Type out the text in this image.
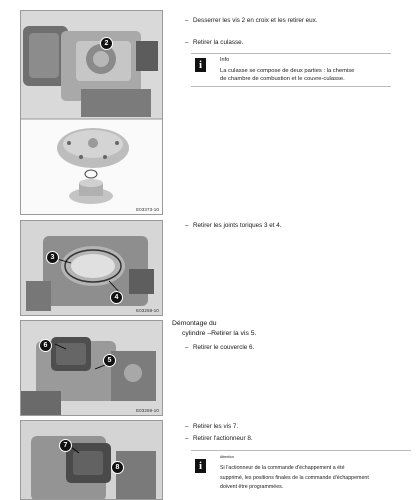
2
E03373-10
– Desserrer les vis 2 en croix et les retirer eux.
– Retirer la culasse.
i	Info
La culasse se compose de deux parties : la chemise
de chambre de combustion et le couvre-culasse.
3
4
E03268-10
– Retirer les joints toriques 3 et 4.
6
5
E03269-10
Démontage du
cylindre –Retirer la vis 5.
– Retirer le couvercle 6.
7
8
– Retirer les vis 7.
– Retirer l'actionneur 8.
i
Attention
Si l'actionneur de la commande d'échappement a été
supprimé, les positions finales de la commande d'échappement
doivent être programmées.
